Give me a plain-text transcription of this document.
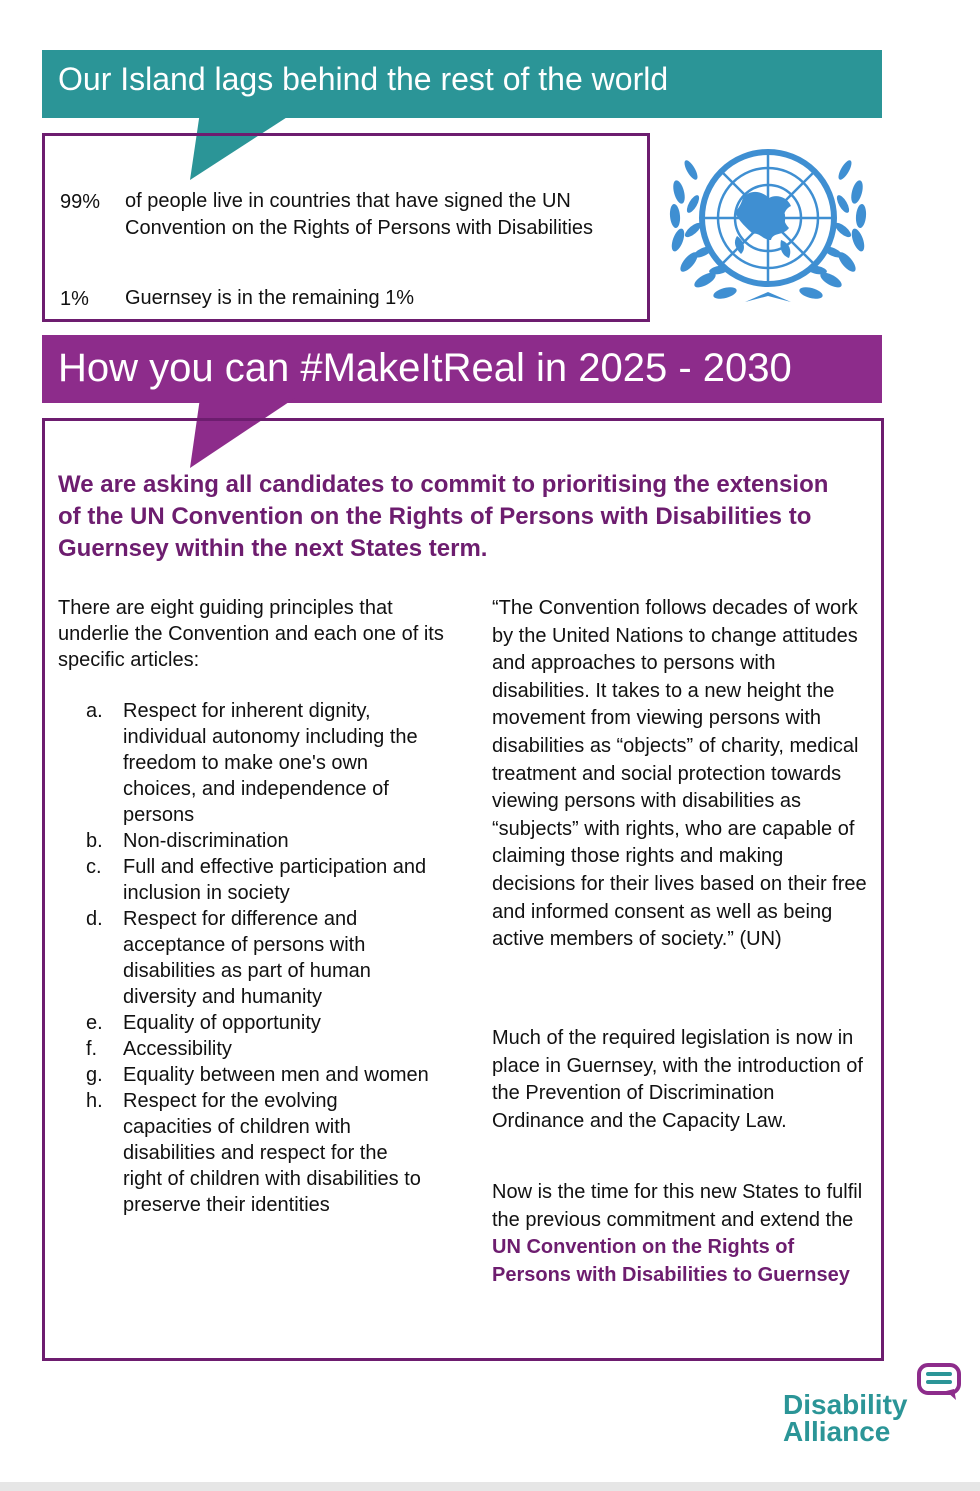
Our Island lags behind the rest of the world
99% of people live in countries that have signed the UN Convention on the Rights of Persons with Disabilities
1% Guernsey is in the remaining 1%
How you can #MakeItReal in 2025 - 2030
We are asking all candidates to commit to prioritising the extension of the UN Convention on the Rights of Persons with Disabilities to Guernsey within the next States term.
There are eight guiding principles that underlie the Convention and each one of its specific articles:
a.	Respect for inherent dignity, individual autonomy including the freedom to make one's own choices, and independence of persons
b.	Non-discrimination
c.	Full and effective participation and inclusion in society
d.	Respect for difference and acceptance of persons with disabilities as part of human diversity and humanity
e.	Equality of opportunity
f.	Accessibility
g.	Equality between men and women
h.	Respect for the evolving capacities of children with disabilities and respect for the right of children with disabilities to preserve their identities
“The Convention follows decades of work by the United Nations to change attitudes and approaches to persons with disabilities. It takes to a new height the movement from viewing persons with disabilities as “objects” of charity, medical treatment and social protection towards viewing persons with disabilities as “subjects” with rights, who are capable of claiming those rights and making decisions for their lives based on their free and informed consent as well as being active members of society.” (UN)
Much of the required legislation is now in place in Guernsey, with the introduction of the Prevention of Discrimination Ordinance and the Capacity Law.
Now is the time for this new States to fulfil the previous commitment and extend the UN Convention on the Rights of Persons with Disabilities to Guernsey
Disability
Alliance
